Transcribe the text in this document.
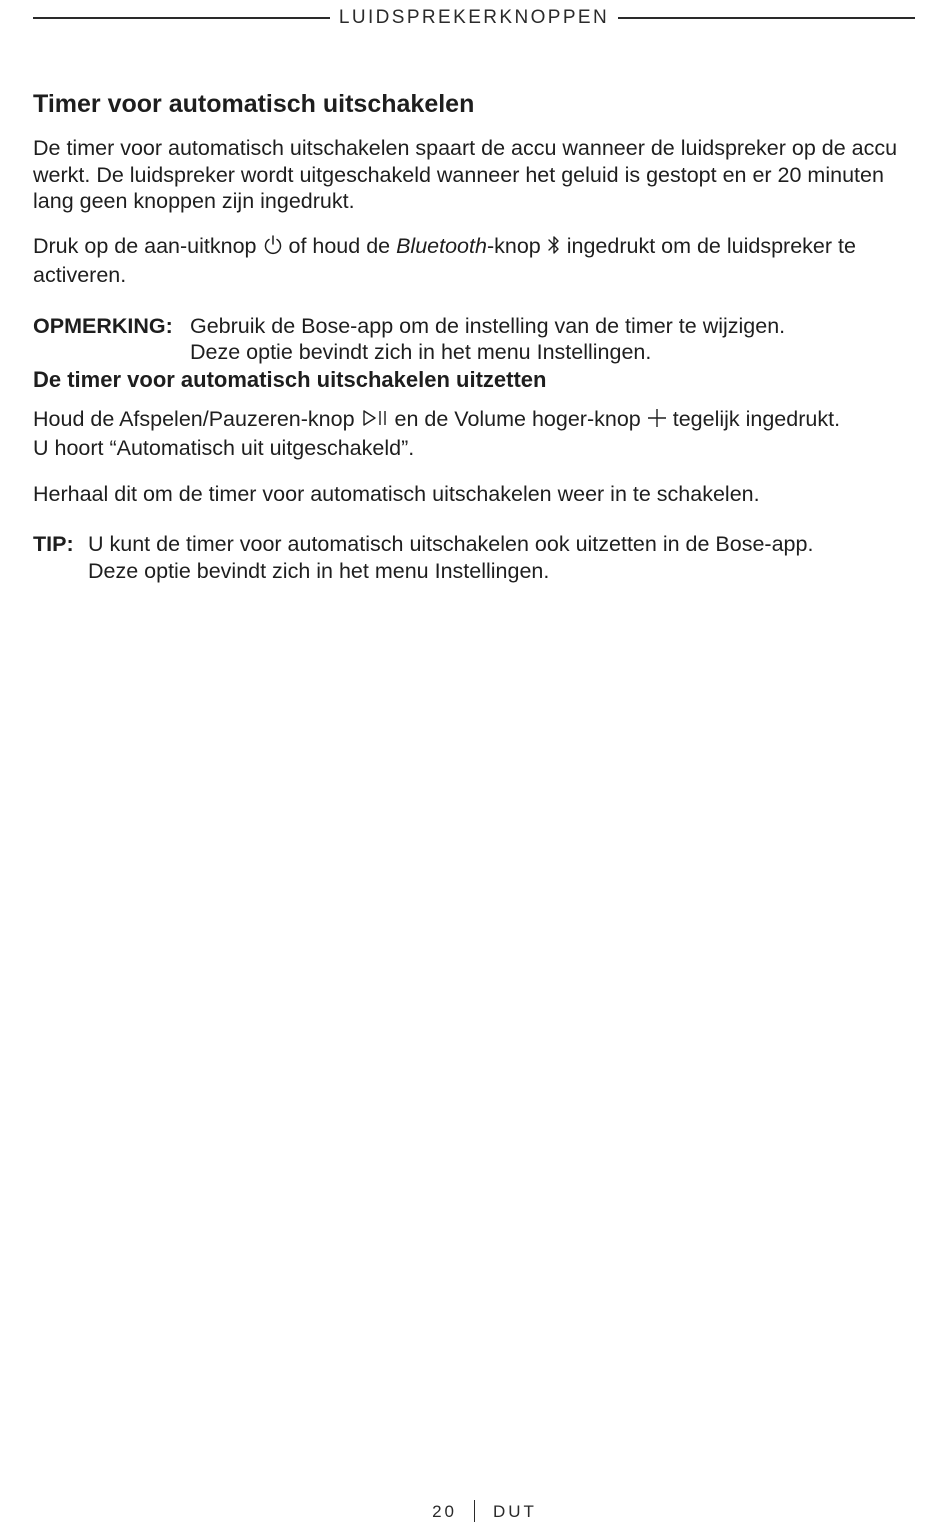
LUIDSPREKERKNOPPEN
Timer voor automatisch uitschakelen

De timer voor automatisch uitschakelen spaart de accu wanneer de luidspreker op de accu werkt. De luidspreker wordt uitgeschakeld wanneer het geluid is gestopt en er 20 minuten lang geen knoppen zijn ingedrukt.

Druk op de aan-uitknop of houd de Bluetooth-knop ingedrukt om de luidspreker te activeren.

OPMERKING: Gebruik de Bose-app om de instelling van de timer te wijzigen.
Deze optie bevindt zich in het menu Instellingen.
De timer voor automatisch uitschakelen uitzetten

Houd de Afspelen/Pauzeren-knop en de Volume hoger-knop tegelijk ingedrukt.
U hoort “Automatisch uit uitgeschakeld”.

Herhaal dit om de timer voor automatisch uitschakelen weer in te schakelen.

TIP: U kunt de timer voor automatisch uitschakelen ook uitzetten in de Bose-app.
Deze optie bevindt zich in het menu Instellingen.
20 DUT
